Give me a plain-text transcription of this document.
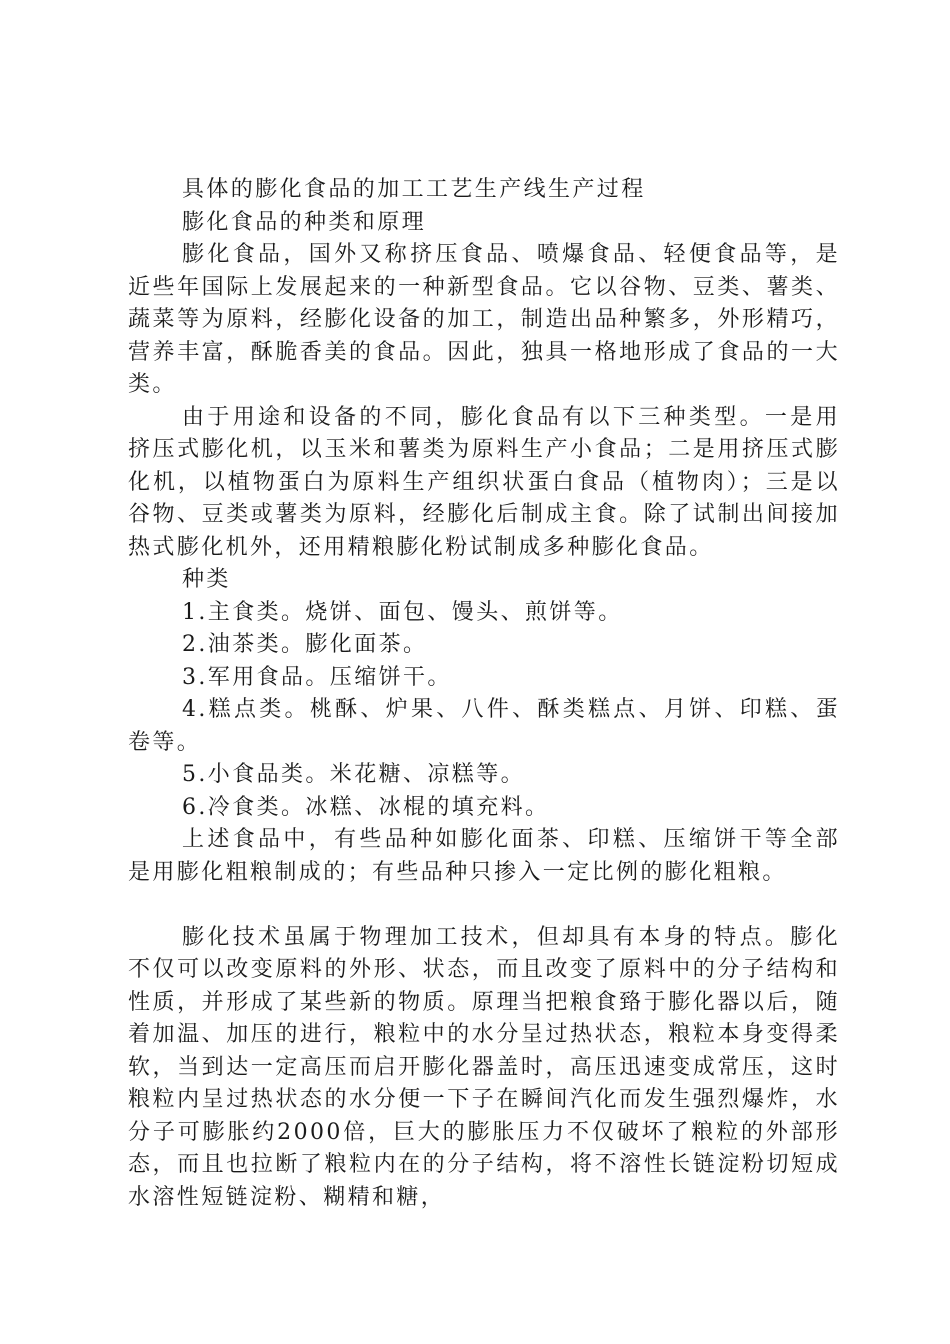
具体的膨化食品的加工工艺生产线生产过程

膨化食品的种类和原理

膨化食品，国外又称挤压食品、喷爆食品、轻便食品等，是近些年国际上发展起来的一种新型食品。它以谷物、豆类、薯类、蔬菜等为原料，经膨化设备的加工，制造出品种繁多，外形精巧，营养丰富，酥脆香美的食品。因此，独具一格地形成了食品的一大类。

由于用途和设备的不同，膨化食品有以下三种类型。一是用挤压式膨化机，以玉米和薯类为原料生产小食品；二是用挤压式膨化机，以植物蛋白为原料生产组织状蛋白食品（植物肉）；三是以谷物、豆类或薯类为原料，经膨化后制成主食。除了试制出间接加热式膨化机外，还用精粮膨化粉试制成多种膨化食品。

种类

1.主食类。烧饼、面包、馒头、煎饼等。

2.油茶类。膨化面茶。

3.军用食品。压缩饼干。

4.糕点类。桃酥、炉果、八件、酥类糕点、月饼、印糕、蛋卷等。

5.小食品类。米花糖、凉糕等。

6.冷食类。冰糕、冰棍的填充料。

上述食品中，有些品种如膨化面茶、印糕、压缩饼干等全部是用膨化粗粮制成的；有些品种只掺入一定比例的膨化粗粮。

膨化技术虽属于物理加工技术，但却具有本身的特点。膨化不仅可以改变原料的外形、状态，而且改变了原料中的分子结构和性质，并形成了某些新的物质。原理当把粮食臵于膨化器以后，随着加温、加压的进行，粮粒中的水分呈过热状态，粮粒本身变得柔软，当到达一定高压而启开膨化器盖时，高压迅速变成常压，这时粮粒内呈过热状态的水分便一下子在瞬间汽化而发生强烈爆炸，水分子可膨胀约2000倍，巨大的膨胀压力不仅破坏了粮粒的外部形态，而且也拉断了粮粒内在的分子结构，将不溶性长链淀粉切短成水溶性短链淀粉、糊精和糖，
